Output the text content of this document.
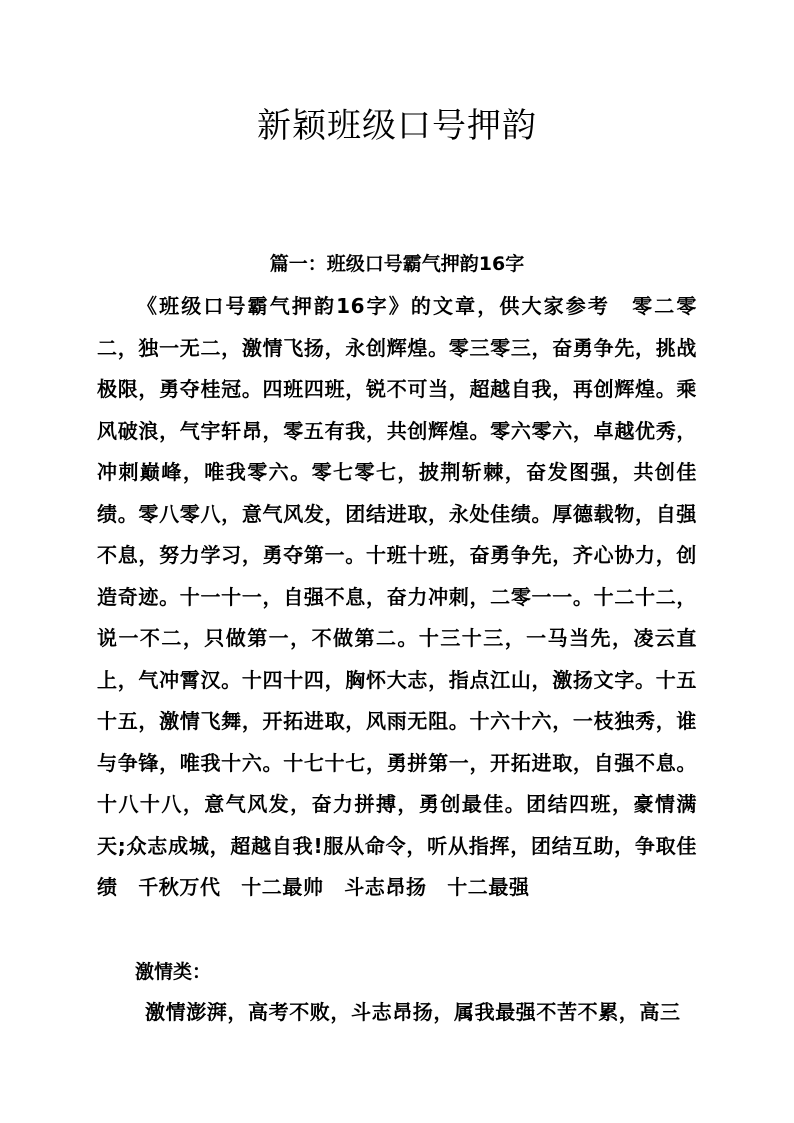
新颖班级口号押韵
篇一：班级口号霸气押韵16字

《班级口号霸气押韵16字》的文章，供大家参考　零二零二，独一无二，激情飞扬，永创辉煌。零三零三，奋勇争先，挑战极限，勇夺桂冠。四班四班，锐不可当，超越自我，再创辉煌。乘风破浪，气宇轩昂，零五有我，共创辉煌。零六零六，卓越优秀，冲刺巅峰，唯我零六。零七零七，披荆斩棘，奋发图强，共创佳绩。零八零八，意气风发，团结进取，永处佳绩。厚德载物，自强不息，努力学习，勇夺第一。十班十班，奋勇争先，齐心协力，创造奇迹。十一十一，自强不息，奋力冲刺，二零一一。十二十二，说一不二，只做第一，不做第二。十三十三，一马当先，凌云直上，气冲霄汉。十四十四，胸怀大志，指点江山，激扬文字。十五十五，激情飞舞，开拓进取，风雨无阻。十六十六，一枝独秀，谁与争锋，唯我十六。十七十七，勇拼第一，开拓进取，自强不息。十八十八，意气风发，奋力拼搏，勇创最佳。团结四班，豪情满天;众志成城，超越自我!服从命令，听从指挥，团结互助，争取佳绩　千秋万代　十二最帅　斗志昂扬　十二最强

激情类：

激情澎湃，高考不败，斗志昂扬，属我最强不苦不累，高三
